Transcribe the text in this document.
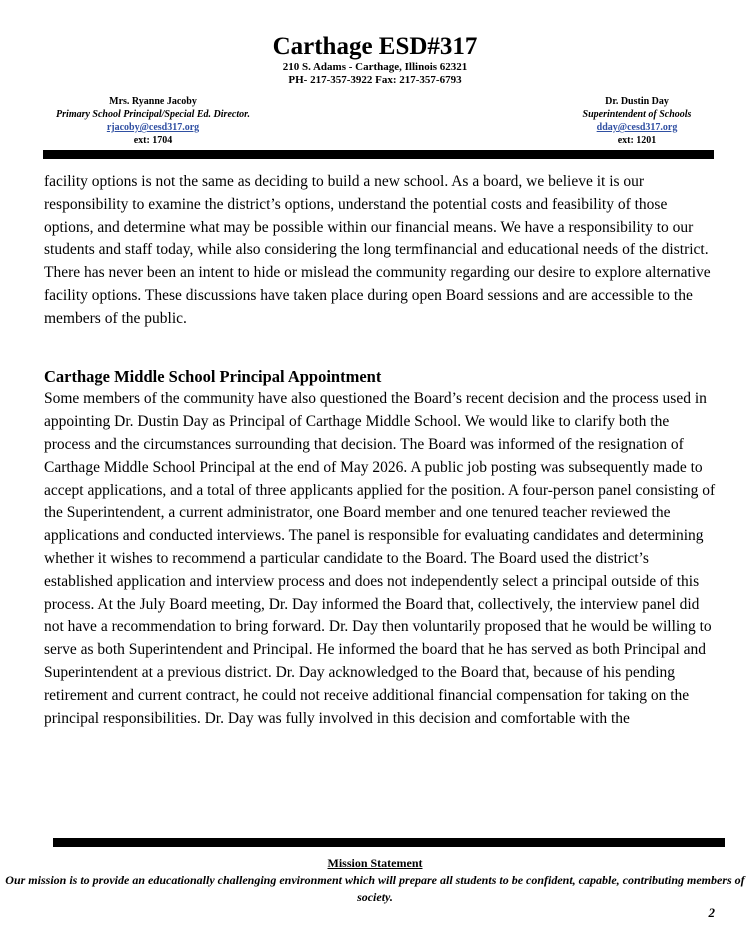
Carthage ESD#317
210 S. Adams - Carthage, Illinois 62321
PH- 217-357-3922 Fax: 217-357-6793
Mrs. Ryanne Jacoby
Primary School Principal/Special Ed. Director.
rjacoby@cesd317.org
ext: 1704
Dr. Dustin Day
Superintendent of Schools
dday@cesd317.org
ext: 1201

facility options is not the same as deciding to build a new school. As a board, we believe it is our responsibility to examine the district’s options, understand the potential costs and feasibility of those options, and determine what may be possible within our financial means. We have a responsibility to our students and staff today, while also considering the long termfinancial and educational needs of the district. There has never been an intent to hide or mislead the community regarding our desire to explore alternative facility options. These discussions have taken place during open Board sessions and are accessible to the members of the public.

Carthage Middle School Principal Appointment

Some members of the community have also questioned the Board’s recent decision and the process used in appointing Dr. Dustin Day as Principal of Carthage Middle School. We would like to clarify both the process and the circumstances surrounding that decision. The Board was informed of the resignation of Carthage Middle School Principal at the end of May 2026. A public job posting was subsequently made to accept applications, and a total of three applicants applied for the position. A four-person panel consisting of the Superintendent, a current administrator, one Board member and one tenured teacher reviewed the applications and conducted interviews. The panel is responsible for evaluating candidates and determining whether it wishes to recommend a particular candidate to the Board. The Board used the district’s established application and interview process and does not independently select a principal outside of this process. At the July Board meeting, Dr. Day informed the Board that, collectively, the interview panel did not have a recommendation to bring forward. Dr. Day then voluntarily proposed that he would be willing to serve as both Superintendent and Principal. He informed the board that he has served as both Principal and Superintendent at a previous district. Dr. Day acknowledged to the Board that, because of his pending retirement and current contract, he could not receive additional financial compensation for taking on the principal responsibilities. Dr. Day was fully involved in this decision and comfortable with the

Mission Statement
Our mission is to provide an educationally challenging environment which will prepare all students to be confident, capable, contributing members of society.
2
